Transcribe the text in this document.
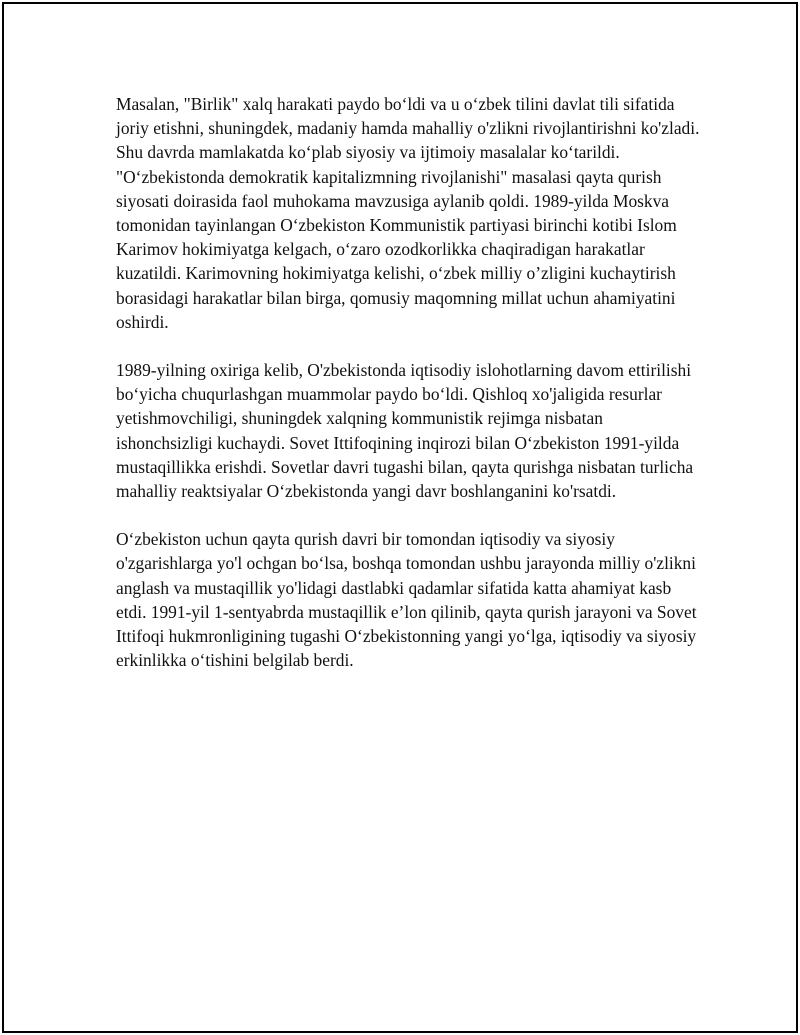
Masalan, "Birlik" xalq harakati paydo bo‘ldi va u o‘zbek tilini davlat tili sifatida joriy etishni, shuningdek, madaniy hamda mahalliy o'zlikni rivojlantirishni ko'zladi. Shu davrda mamlakatda ko‘plab siyosiy va ijtimoiy masalalar ko‘tarildi. "O‘zbekistonda demokratik kapitalizmning rivojlanishi" masalasi qayta qurish siyosati doirasida faol muhokama mavzusiga aylanib qoldi. 1989-yilda Moskva tomonidan tayinlangan O‘zbekiston Kommunistik partiyasi birinchi kotibi Islom Karimov hokimiyatga kelgach, o‘zaro ozodkorlikka chaqiradigan harakatlar kuzatildi. Karimovning hokimiyatga kelishi, o‘zbek milliy o’zligini kuchaytirish borasidagi harakatlar bilan birga, qomusiy maqomning millat uchun ahamiyatini oshirdi.

1989-yilning oxiriga kelib, O'zbekistonda iqtisodiy islohotlarning davom ettirilishi bo‘yicha chuqurlashgan muammolar paydo bo‘ldi. Qishloq xo'jaligida resurlar yetishmovchiligi, shuningdek xalqning kommunistik rejimga nisbatan ishonchsizligi kuchaydi. Sovet Ittifoqining inqirozi bilan O‘zbekiston 1991-yilda mustaqillikka erishdi. Sovetlar davri tugashi bilan, qayta qurishga nisbatan turlicha mahalliy reaktsiyalar O‘zbekistonda yangi davr boshlanganini ko'rsatdi.

O‘zbekiston uchun qayta qurish davri bir tomondan iqtisodiy va siyosiy o'zgarishlarga yo'l ochgan bo‘lsa, boshqa tomondan ushbu jarayonda milliy o'zlikni anglash va mustaqillik yo'lidagi dastlabki qadamlar sifatida katta ahamiyat kasb etdi. 1991-yil 1-sentyabrda mustaqillik e’lon qilinib, qayta qurish jarayoni va Sovet Ittifoqi hukmronligining tugashi O‘zbekistonning yangi yo‘lga, iqtisodiy va siyosiy erkinlikka o‘tishini belgilab berdi.
